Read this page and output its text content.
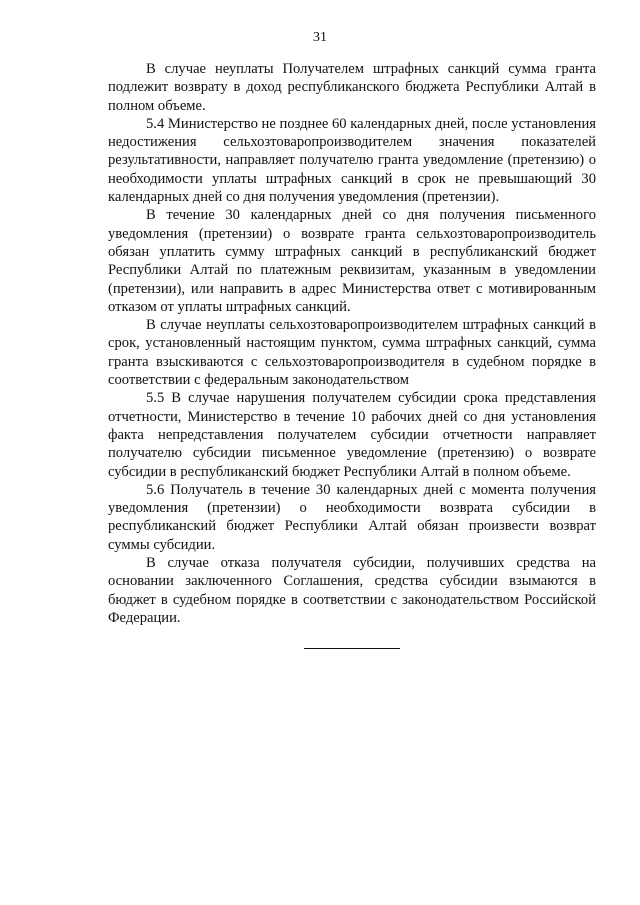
31

В случае неуплаты Получателем штрафных санкций сумма гранта подлежит возврату в доход республиканского бюджета Республики Алтай в полном объеме.

5.4 Министерство не позднее 60 календарных дней, после установления недостижения сельхозтоваропроизводителем значения показателей результативности, направляет получателю гранта уведомление (претензию) о необходимости уплаты штрафных санкций в срок не превышающий 30 календарных дней со дня получения уведомления (претензии).

В течение 30 календарных дней со дня получения письменного уведомления (претензии) о возврате гранта сельхозтоваропроизводитель обязан уплатить сумму штрафных санкций в республиканский бюджет Республики Алтай по платежным реквизитам, указанным в уведомлении (претензии), или направить в адрес Министерства ответ с мотивированным отказом от уплаты штрафных санкций.

В случае неуплаты сельхозтоваропроизводителем штрафных санкций в срок, установленный настоящим пунктом, сумма штрафных санкций, сумма гранта взыскиваются с сельхозтоваропроизводителя в судебном порядке в соответствии с федеральным законодательством

5.5 В случае нарушения получателем субсидии срока представления отчетности, Министерство в течение 10 рабочих дней со дня установления факта непредставления получателем субсидии отчетности направляет получателю субсидии письменное уведомление (претензию) о возврате субсидии в республиканский бюджет Республики Алтай в полном объеме.

5.6 Получатель в течение 30 календарных дней с момента получения уведомления (претензии) о необходимости возврата субсидии в республиканский бюджет Республики Алтай обязан произвести возврат суммы субсидии.

В случае отказа получателя субсидии, получивших средства на основании заключенного Соглашения, средства субсидии взымаются в бюджет в судебном порядке в соответствии с законодательством Российской Федерации.
